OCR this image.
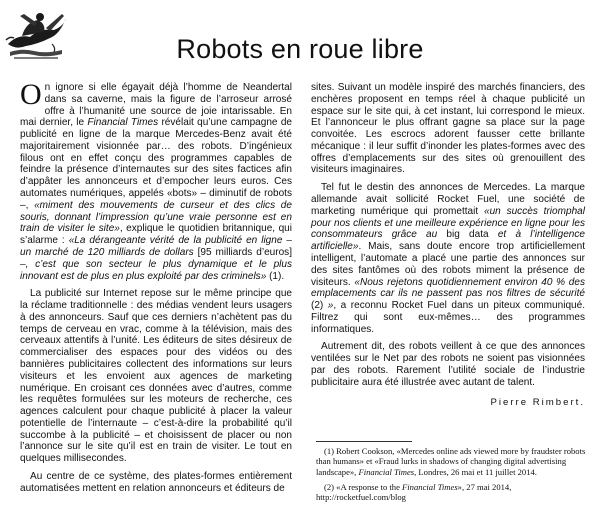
Robots en roue libre

On ignore si elle égayait déjà l’homme de Neandertal dans sa caverne, mais la figure de l’arroseur arrosé offre à l’humanité une source de joie intarissable. En mai dernier, le Financial Times révélait qu’une campagne de publicité en ligne de la marque Mercedes-Benz avait été majoritairement visionnée par… des robots. D’ingénieux filous ont en effet conçu des programmes capables de feindre la présence d’internautes sur des sites factices afin d’appâter les annonceurs et d’empocher leurs euros. Ces automates numériques, appelés «bots» – diminutif de robots –, «miment des mouvements de curseur et des clics de souris, donnant l’impression qu’une vraie personne est en train de visiter le site», explique le quotidien britannique, qui s’alarme : «La dérangeante vérité de la publicité en ligne – un marché de 120 milliards de dollars [95 milliards d’euros] –, c’est que son secteur le plus dynamique et le plus innovant est de plus en plus exploité par des criminels» (1).

La publicité sur Internet repose sur le même principe que la réclame traditionnelle : des médias vendent leurs usagers à des annonceurs. Sauf que ces derniers n’achètent pas du temps de cerveau en vrac, comme à la télévision, mais des cerveaux attentifs à l’unité. Les éditeurs de sites désireux de commercialiser des espaces pour des vidéos ou des bannières publicitaires collectent des informations sur leurs visiteurs et les envoient aux agences de marketing numérique. En croisant ces données avec d’autres, comme les requêtes formulées sur les moteurs de recherche, ces agences calculent pour chaque publicité à placer la valeur potentielle de l’internaute – c’est-à-dire la probabilité qu’il succombe à la publicité – et choisissent de placer ou non l’annonce sur le site qu’il est en train de visiter. Le tout en quelques millisecondes.

Au centre de ce système, des plates-formes entièrement automatisées mettent en relation annonceurs et éditeurs de

sites. Suivant un modèle inspiré des marchés financiers, des enchères proposent en temps réel à chaque publicité un espace sur le site qui, à cet instant, lui correspond le mieux. Et l’annonceur le plus offrant gagne sa place sur la page convoitée. Les escrocs adorent fausser cette brillante mécanique : il leur suffit d’inonder les plates-formes avec des offres d’emplacements sur des sites où grenouillent des visiteurs imaginaires.

Tel fut le destin des annonces de Mercedes. La marque allemande avait sollicité Rocket Fuel, une société de marketing numérique qui promettait «un succès triomphal pour nos clients et une meilleure expérience en ligne pour les consommateurs grâce au big data et à l’intelligence artificielle». Mais, sans doute encore trop artificiellement intelligent, l’automate a placé une partie des annonces sur des sites fantômes où des robots miment la présence de visiteurs. «Nous rejetons quotidiennement environ 40 % des emplacements car ils ne passent pas nos filtres de sécurité (2) », a reconnu Rocket Fuel dans un piteux communiqué. Filtrez qui sont eux-mêmes… des programmes informatiques.

Autrement dit, des robots veillent à ce que des annonces ventilées sur le Net par des robots ne soient pas visionnées par des robots. Rarement l’utilité sociale de l’industrie publicitaire aura été illustrée avec autant de talent.

Pierre Rimbert.

(1) Robert Cookson, «Mercedes online ads viewed more by fraudster robots than humans» et «Fraud lurks in shadows of changing digital advertising landscape», Financial Times, Londres, 26 mai et 11 juillet 2014.

(2) «A response to the Financial Times», 27 mai 2014, http://rocketfuel.com/blog
